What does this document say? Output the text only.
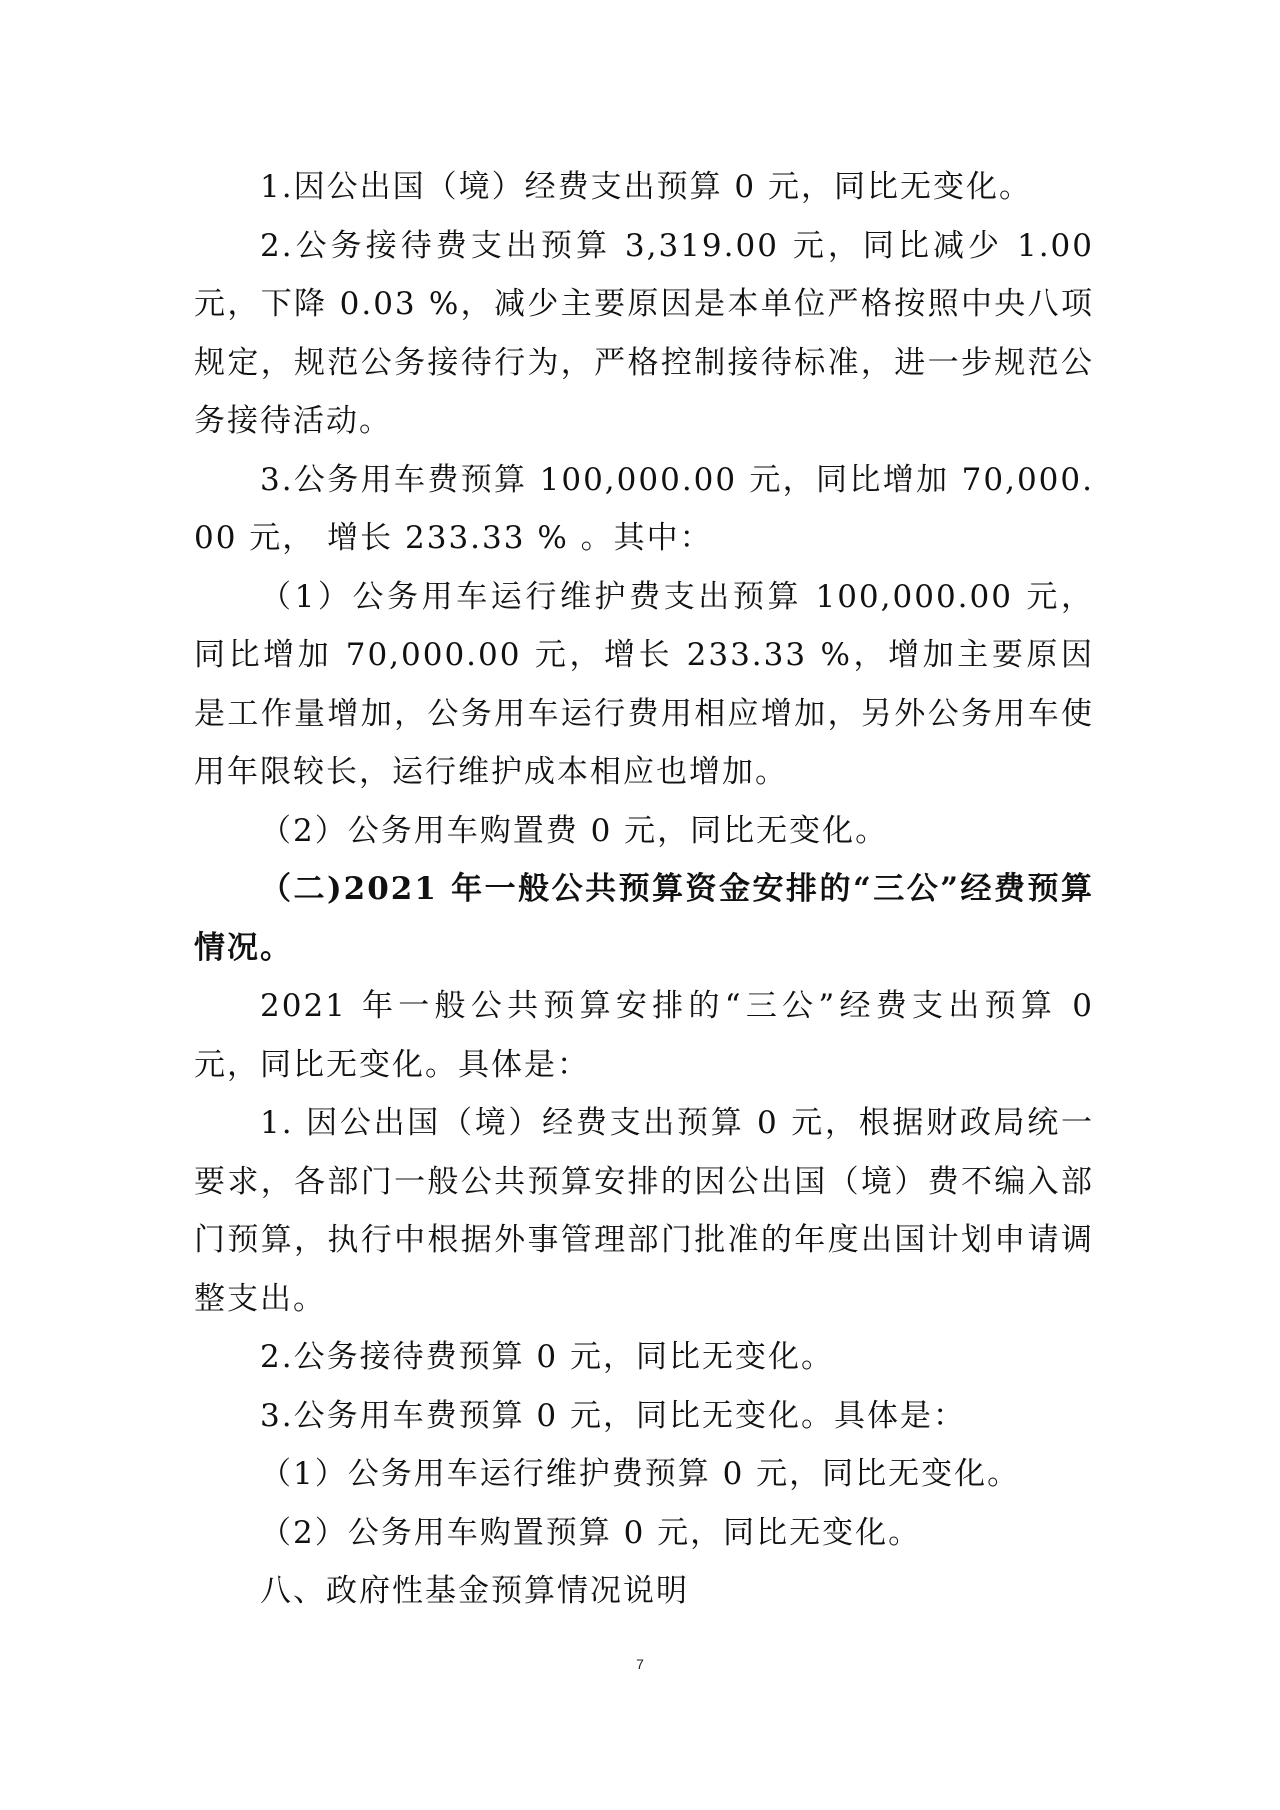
1.因公出国（境）经费支出预算 0 元，同比无变化。

2.公务接待费支出预算 3,319.00 元，同比减少 1.00 元，下降 0.03 %，减少主要原因是本单位严格按照中央八项规定，规范公务接待行为，严格控制接待标准，进一步规范公务接待活动。

3.公务用车费预算 100,000.00 元，同比增加 70,000.00 元， 增长 233.33 % 。其中：

（1）公务用车运行维护费支出预算 100,000.00 元，同比增加 70,000.00 元，增长 233.33 %，增加主要原因是工作量增加，公务用车运行费用相应增加，另外公务用车使用年限较长，运行维护成本相应也增加。

（2）公务用车购置费 0 元，同比无变化。

（二)2021 年一般公共预算资金安排的“三公”经费预算情况。

2021 年一般公共预算安排的“三公”经费支出预算 0 元，同比无变化。具体是：

1. 因公出国（境）经费支出预算 0 元，根据财政局统一要求，各部门一般公共预算安排的因公出国（境）费不编入部门预算，执行中根据外事管理部门批准的年度出国计划申请调整支出。

2.公务接待费预算 0 元，同比无变化。

3.公务用车费预算 0 元，同比无变化。具体是：

（1）公务用车运行维护费预算 0 元，同比无变化。

（2）公务用车购置预算 0 元，同比无变化。

八、政府性基金预算情况说明

7
